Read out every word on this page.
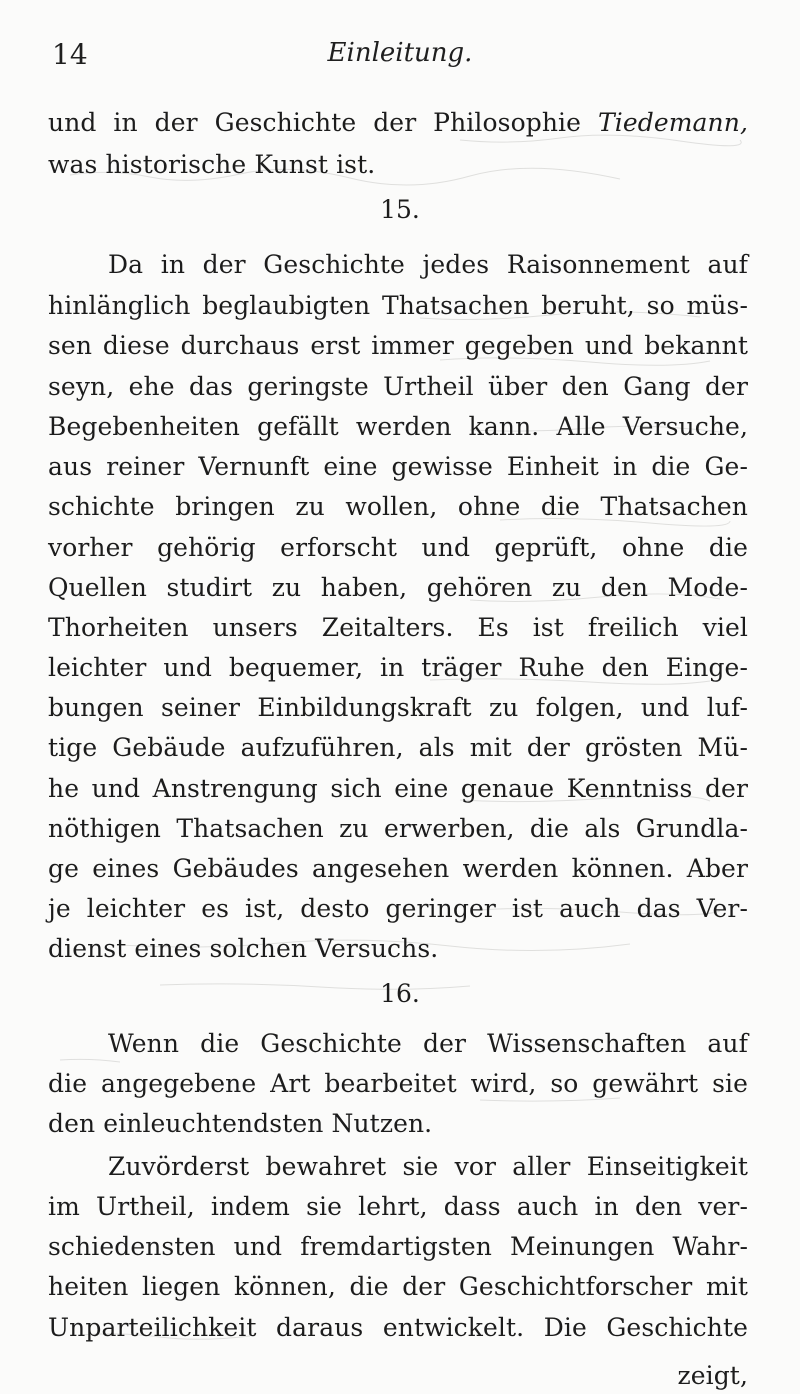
14	Einleitung.
und in der Geschichte der Philosophie Tiedemann,
was historische Kunst ist.
15.
Da in der Geschichte jedes Raisonnement auf
hinlänglich beglaubigten Thatsachen beruht, so müs-
sen diese durchaus erst immer gegeben und bekannt
seyn, ehe das geringste Urtheil über den Gang der
Begebenheiten gefällt werden kann. Alle Versuche,
aus reiner Vernunft eine gewisse Einheit in die Ge-
schichte bringen zu wollen, ohne die Thatsachen
vorher gehörig erforscht und geprüft, ohne die
Quellen studirt zu haben, gehören zu den Mode-
Thorheiten unsers Zeitalters. Es ist freilich viel
leichter und bequemer, in träger Ruhe den Einge-
bungen seiner Einbildungskraft zu folgen, und luf-
tige Gebäude aufzuführen, als mit der grösten Mü-
he und Anstrengung sich eine genaue Kenntniss der
nöthigen Thatsachen zu erwerben, die als Grundla-
ge eines Gebäudes angesehen werden können. Aber
je leichter es ist, desto geringer ist auch das Ver-
dienst eines solchen Versuchs.
16.
Wenn die Geschichte der Wissenschaften auf
die angegebene Art bearbeitet wird, so gewährt sie
den einleuchtendsten Nutzen.
Zuvörderst bewahret sie vor aller Einseitigkeit
im Urtheil, indem sie lehrt, dass auch in den ver-
schiedensten und fremdartigsten Meinungen Wahr-
heiten liegen können, die der Geschichtforscher mit
Unparteilichkeit daraus entwickelt. Die Geschichte
zeigt,
